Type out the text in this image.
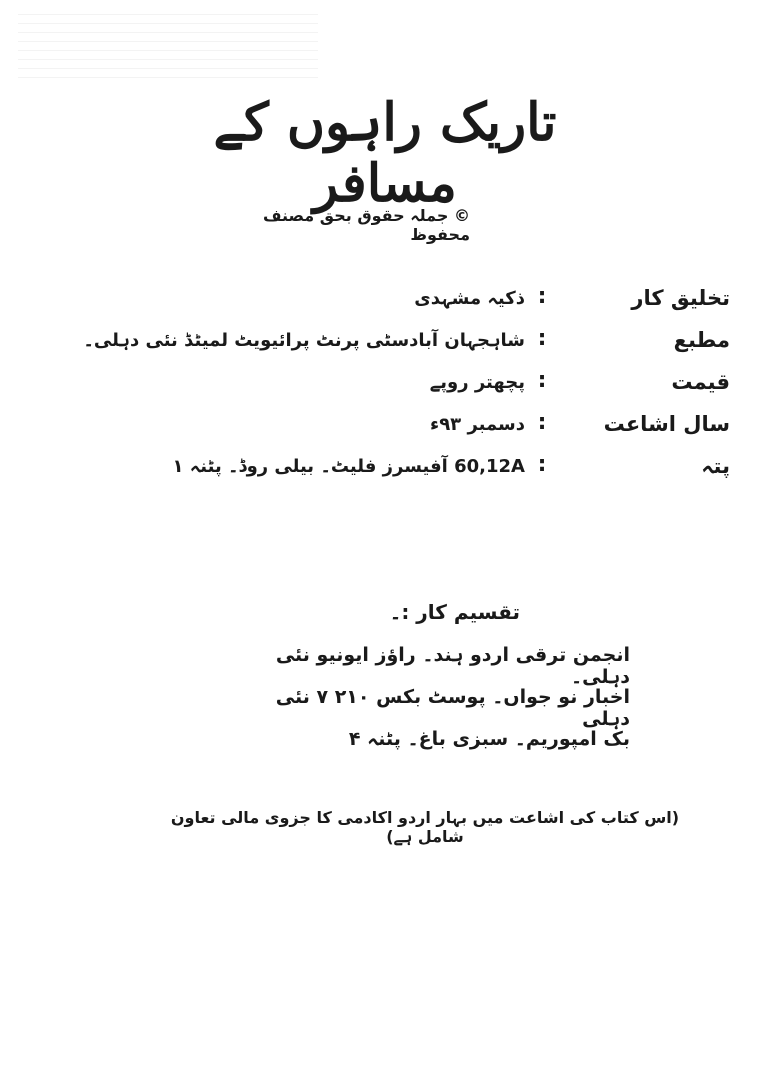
تاریک راہوں کے مسافر
© جملہ حقوق بحق مصنف محفوظ
تخلیق کار
:
ذکیہ مشہدی
مطبع
:
شاہجہان آبادسٹی پرنٹ پرائیویٹ لمیٹڈ نئی دہلی۔
قیمت
:
پچھتر روپے
سال اشاعت
:
دسمبر ۹۳ء
پتہ
:
60,12A آفیسرز فلیٹ۔ بیلی روڈ۔ پٹنہ ۱
تقسیم کار :۔
انجمن ترقی اردو ہند۔ راؤز ایونیو نئی دہلی۔
اخبار نو جواں۔ پوسٹ بکس ۲۱۰ ۷ نئی دہلی
بک امپوریم۔ سبزی باغ۔ پٹنہ ۴
(اس کتاب کی اشاعت میں بہار اردو اکادمی کا جزوی مالی تعاون شامل ہے)
